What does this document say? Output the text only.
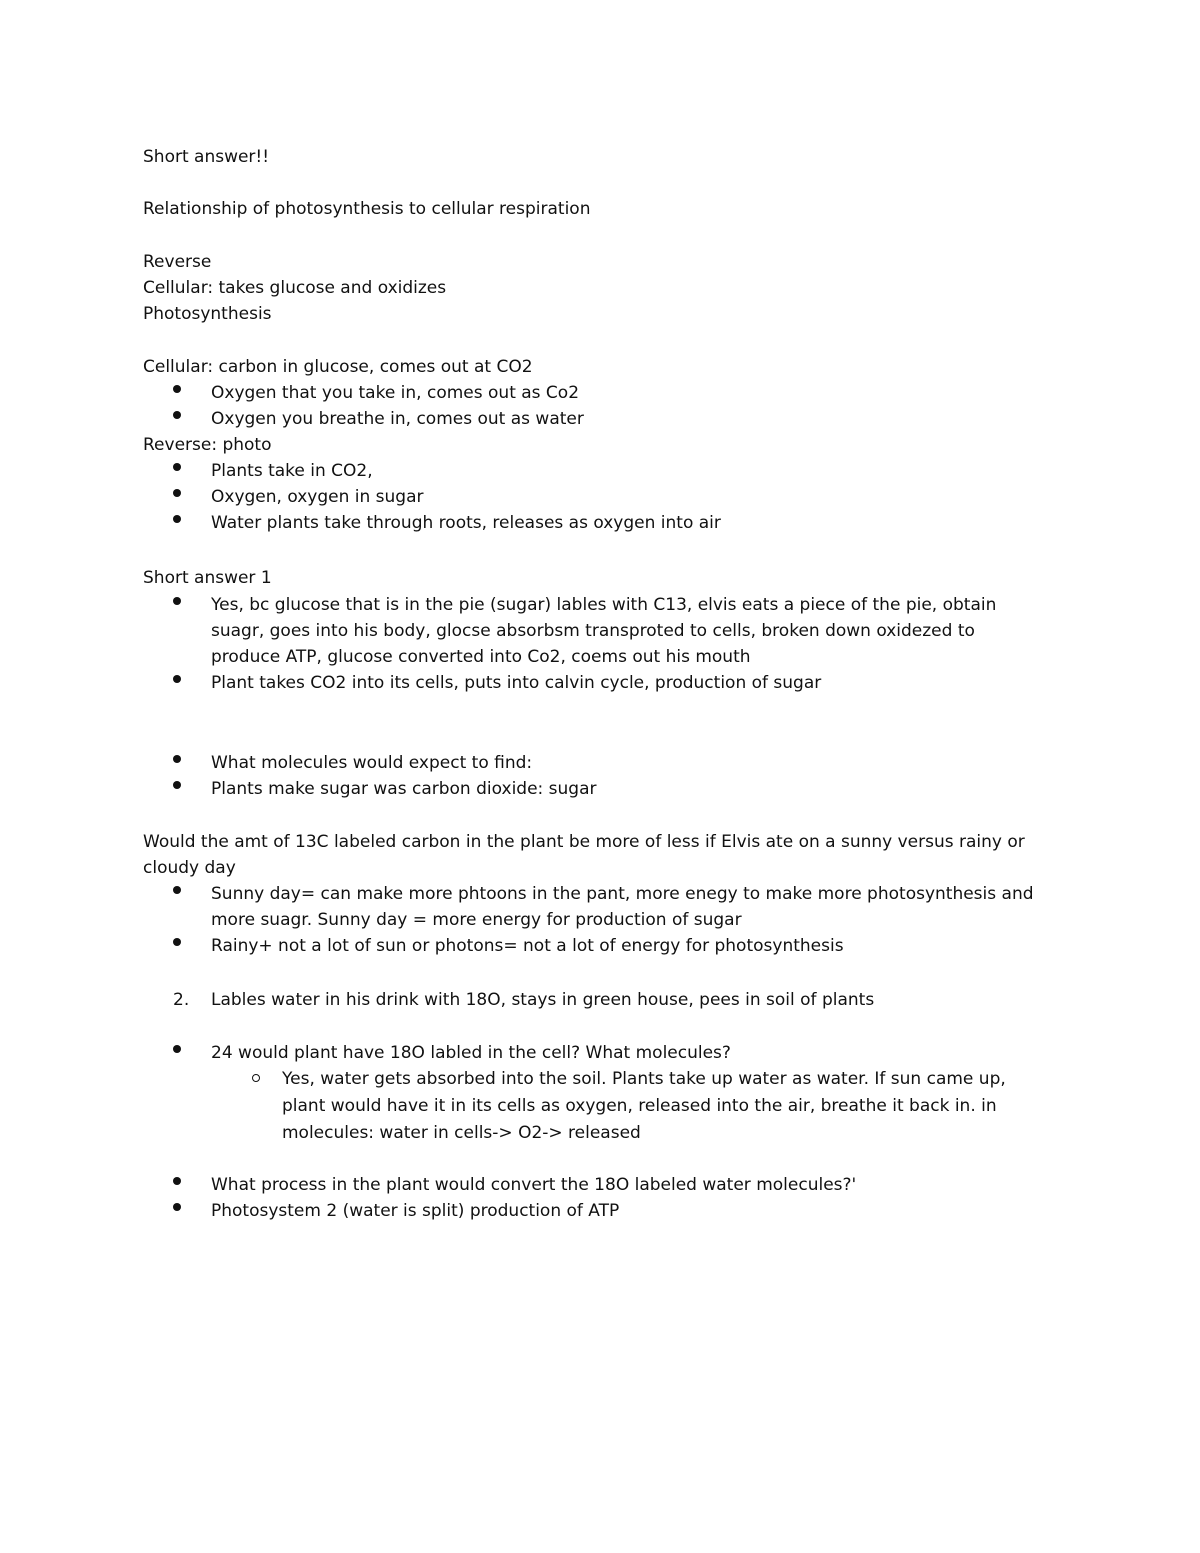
Short answer!!
Relationship of photosynthesis to cellular respiration
Reverse
Cellular: takes glucose and oxidizes
Photosynthesis
Cellular: carbon in glucose, comes out at CO2
Oxygen that you take in, comes out as Co2
Oxygen you breathe in, comes out as water
Reverse: photo
Plants take in CO2,
Oxygen, oxygen in sugar
Water plants take through roots, releases as oxygen into air
Short answer 1
Yes, bc glucose that is in the pie (sugar) lables with C13, elvis eats a piece of the pie, obtain
suagr, goes into his body, glocse absorbsm transproted to cells, broken down oxidezed to
produce ATP, glucose converted into Co2, coems out his mouth
Plant takes CO2 into its cells, puts into calvin cycle, production of sugar
What molecules would expect to find:
Plants make sugar was carbon dioxide: sugar
Would the amt of 13C labeled carbon in the plant be more of less if Elvis ate on a sunny versus rainy or
cloudy day
Sunny day= can make more phtoons in the pant, more enegy to make more photosynthesis and
more suagr. Sunny day = more energy for production of sugar
Rainy+ not a lot of sun or photons= not a lot of energy for photosynthesis
2. Lables water in his drink with 18O, stays in green house, pees in soil of plants
24 would plant have 18O labled in the cell? What molecules?
Yes, water gets absorbed into the soil. Plants take up water as water. If sun came up,
plant would have it in its cells as oxygen, released into the air, breathe it back in. in
molecules: water in cells-> O2-> released
What process in the plant would convert the 18O labeled water molecules?'
Photosystem 2 (water is split) production of ATP
